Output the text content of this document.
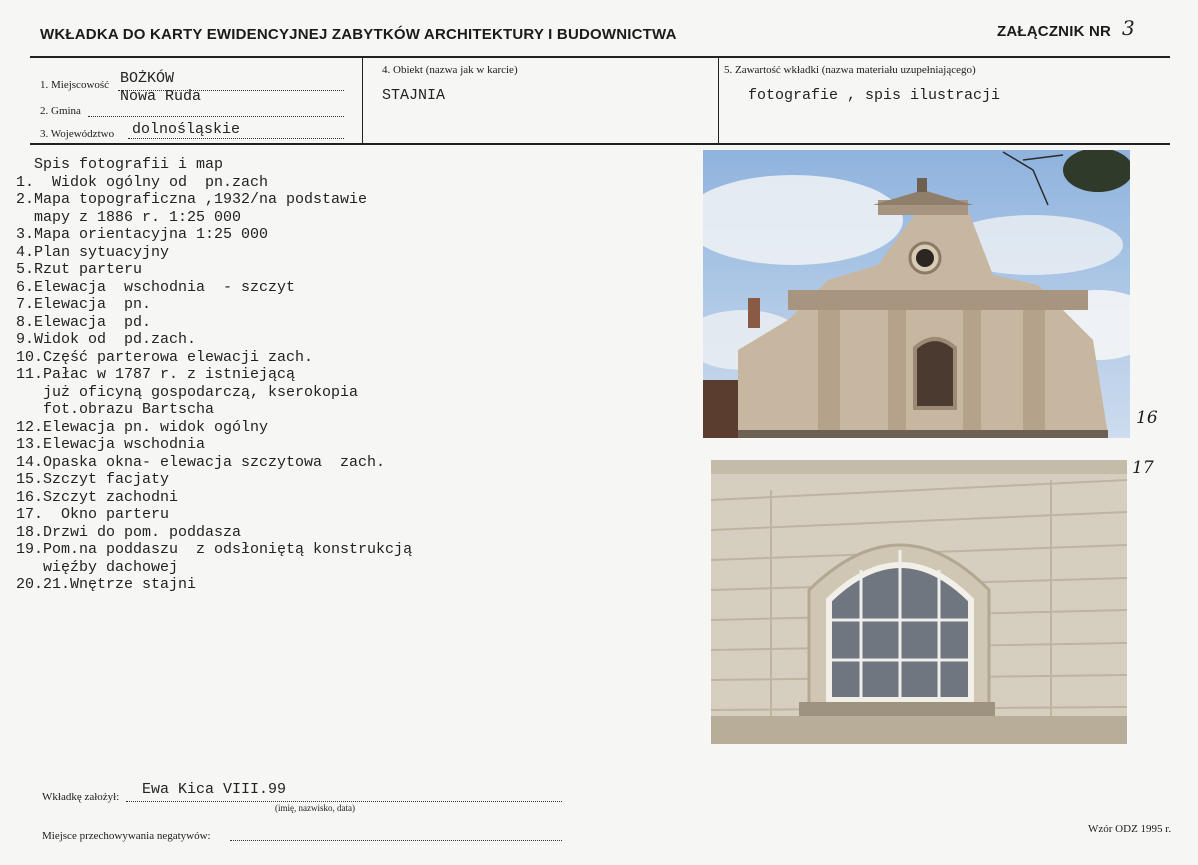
WKŁADKA DO KARTY EWIDENCYJNEJ ZABYTKÓW ARCHITEKTURY I BUDOWNICTWA	ZAŁĄCZNIK NR 3
1. Miejscowość BOŻKÓW
2. Gmina
Nowa Ruda
3. Województwo dolnośląskie
4. Obiekt (nazwa jak w karcie)
STAJNIA
5. Zawartość wkładki (nazwa materiału uzupełniającego)
fotografie , spis ilustracji
Spis fotografii i map
1.  Widok ogólny od  pn.zach
2.Mapa topograficzna ,1932/na podstawie
mapy z 1886 r. 1:25 000
3.Mapa orientacyjna 1:25 000
4.Plan sytuacyjny
5.Rzut parteru
6.Elewacja  wschodnia  - szczyt
7.Elewacja  pn.
8.Elewacja  pd.
9.Widok od  pd.zach.
10.Część parterowa elewacji zach.
11.Pałac w 1787 r. z istniejącą
już oficyną gospodarczą, kserokopia
fot.obrazu Bartscha
12.Elewacja pn. widok ogólny
13.Elewacja wschodnia
14.Opaska okna- elewacja szczytowa  zach.
15.Szczyt facjaty
16.Szczyt zachodni
17.  Okno parteru
18.Drzwi do pom. poddasza
19.Pom.na poddaszu  z odsłoniętą konstrukcją
więźby dachowej
20.21.Wnętrze stajni
16
17
Wkładkę założył: Ewa Kica VIII.99
(imię, nazwisko, data)
Miejsce przechowywania negatywów:
Wzór ODZ 1995 r.
